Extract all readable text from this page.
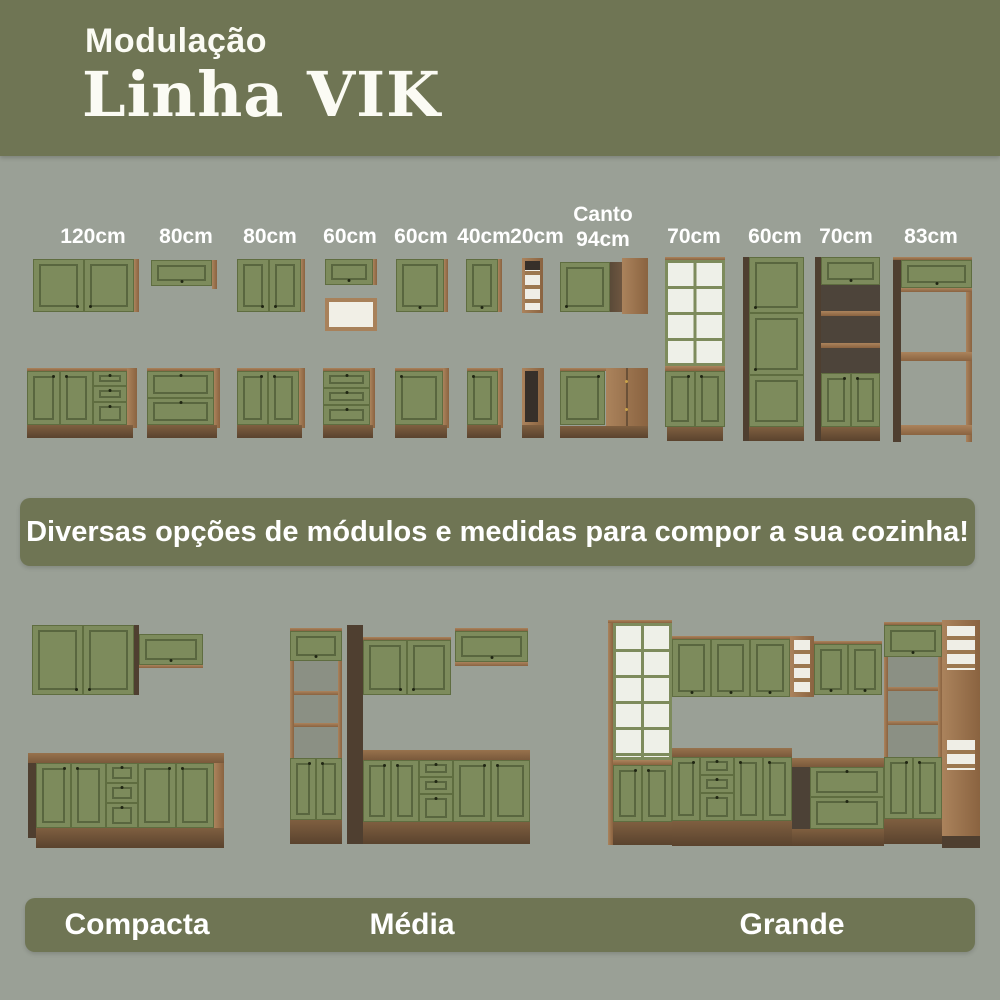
Modulação
Linha VIK
120cm 80cm 80cm 60cm 60cm 40cm 20cm
Canto
94cm 70cm 60cm 70cm 83cm
Diversas opções de módulos e medidas para compor a sua cozinha!
Compacta	Média	Grande
